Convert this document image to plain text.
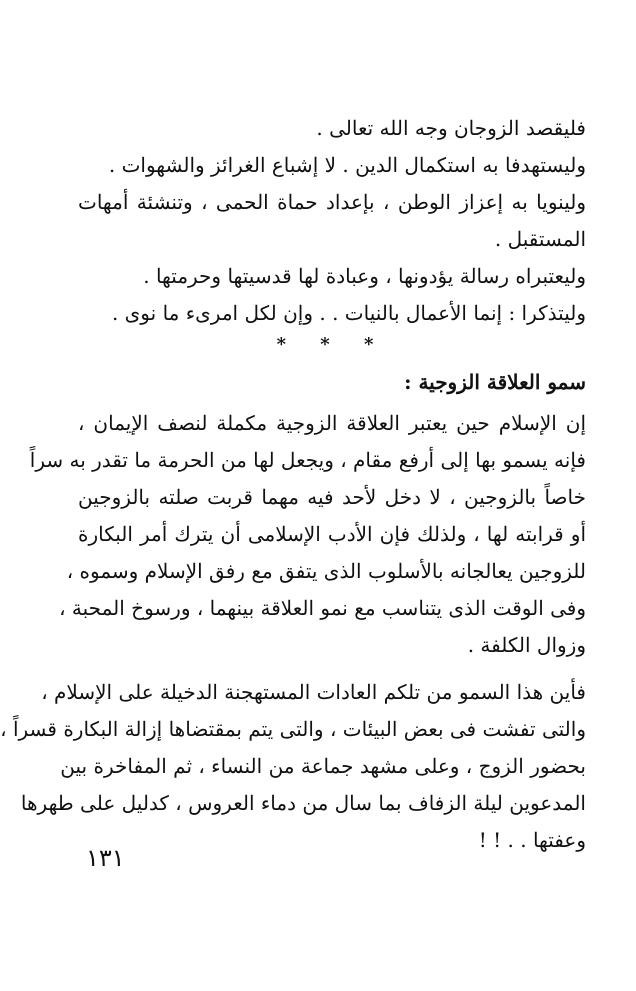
فليقصد الزوجان وجه الله تعالى .
وليستهدفا به استكمال الدين . لا إشباع الغرائز والشهوات .
ولينويا به إعزاز الوطن ، بإعداد حماة الحمى ، وتنشئة أمهات
المستقبل .
وليعتبراه رسالة يؤدونها ، وعبادة لها قدسيتها وحرمتها .
وليتذكرا : إنما الأعمال بالنيات . . وإن لكل امرىء ما نوى .
* * *
سمو العلاقة الزوجية :
إن الإسلام حين يعتبر العلاقة الزوجية مكملة لنصف الإيمان ،
فإنه يسمو بها إلى أرفع مقام ، ويجعل لها من الحرمة ما تقدر به سراً
خاصاً بالزوجين ، لا دخل لأحد فيه مهما قربت صلته بالزوجين
أو قرابته لها ، ولذلك فإن الأدب الإسلامى أن يترك أمر البكارة
للزوجين يعالجانه بالأسلوب الذى يتفق مع رفق الإسلام وسموه ،
وفى الوقت الذى يتناسب مع نمو العلاقة بينهما ، ورسوخ المحبة ،
وزوال الكلفة .
فأين هذا السمو من تلكم العادات المستهجنة الدخيلة على الإسلام ،
والتى تفشت فى بعض البيئات ، والتى يتم بمقتضاها إزالة البكارة قسراً ،
بحضور الزوج ، وعلى مشهد جماعة من النساء ، ثم المفاخرة بين
المدعوين ليلة الزفاف بما سال من دماء العروس ، كدليل على طهرها
وعفتها . . ! !
١٣١
